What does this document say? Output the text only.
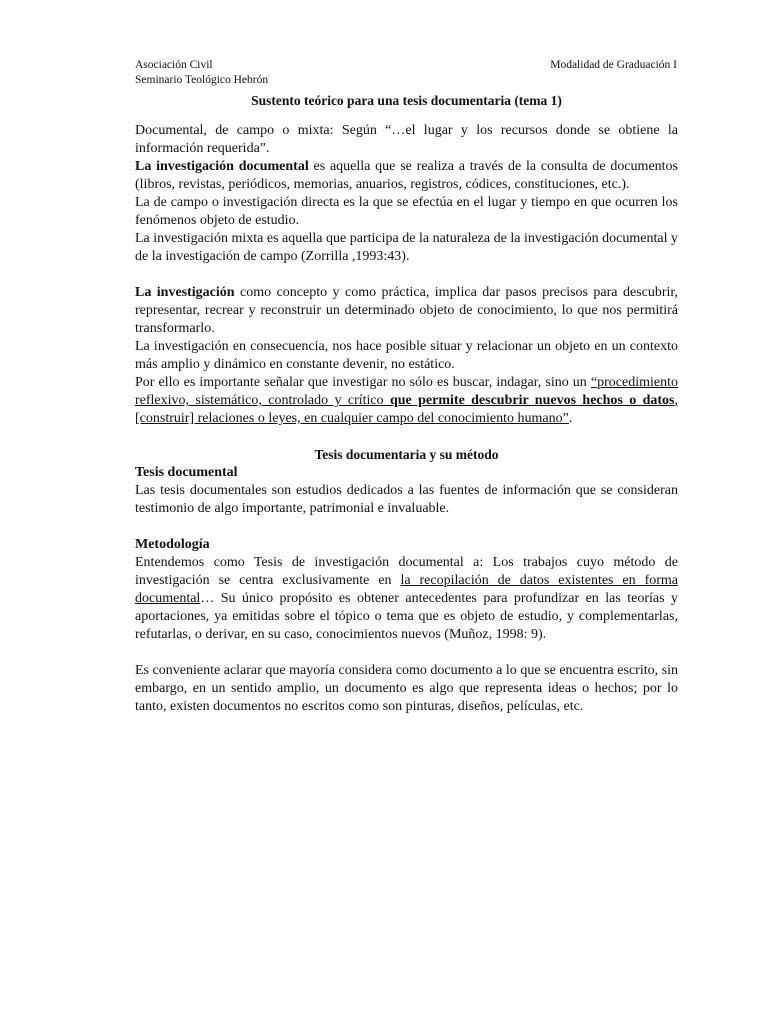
Asociación Civil
Seminario Teológico Hebrón
Modalidad de Graduación I
Sustento teórico para una tesis documentaria (tema 1)

Documental, de campo o mixta: Según “…el lugar y los recursos donde se obtiene la información requerida”.

La investigación documental es aquella que se realiza a través de la consulta de documentos (libros, revistas, periódicos, memorias, anuarios, registros, códices, constituciones, etc.).

La de campo o investigación directa es la que se efectúa en el lugar y tiempo en que ocurren los fenómenos objeto de estudio.

La investigación mixta es aquella que participa de la naturaleza de la investigación documental y de la investigación de campo (Zorrilla ,1993:43).

La investigación como concepto y como práctica, implica dar pasos precisos para descubrir, representar, recrear y reconstruir un determinado objeto de conocimiento, lo que nos permitirá transformarlo.

La investigación en consecuencia, nos hace posible situar y relacionar un objeto en un contexto más amplio y dinámico en constante devenir, no estático.

Por ello es importante señalar que investigar no sólo es buscar, indagar, sino un “procedimiento reflexivo, sistemático, controlado y crítico que permite descubrir nuevos hechos o datos, [construir] relaciones o leyes, en cualquier campo del conocimiento humano”.

Tesis documentaria y su método
Tesis documental

Las tesis documentales son estudios dedicados a las fuentes de información que se consideran testimonio de algo importante, patrimonial e invaluable.

Metodología

Entendemos como Tesis de investigación documental a: Los trabajos cuyo método de investigación se centra exclusivamente en la recopilación de datos existentes en forma documental… Su único propósito es obtener antecedentes para profundizar en las teorías y aportaciones, ya emitidas sobre el tópico o tema que es objeto de estudio, y complementarlas, refutarlas, o derivar, en su caso, conocimientos nuevos (Muñoz, 1998: 9).

Es conveniente aclarar que mayoría considera como documento a lo que se encuentra escrito, sin embargo, en un sentido amplio, un documento es algo que representa ideas o hechos; por lo tanto, existen documentos no escritos como son pinturas, diseños, películas, etc.
